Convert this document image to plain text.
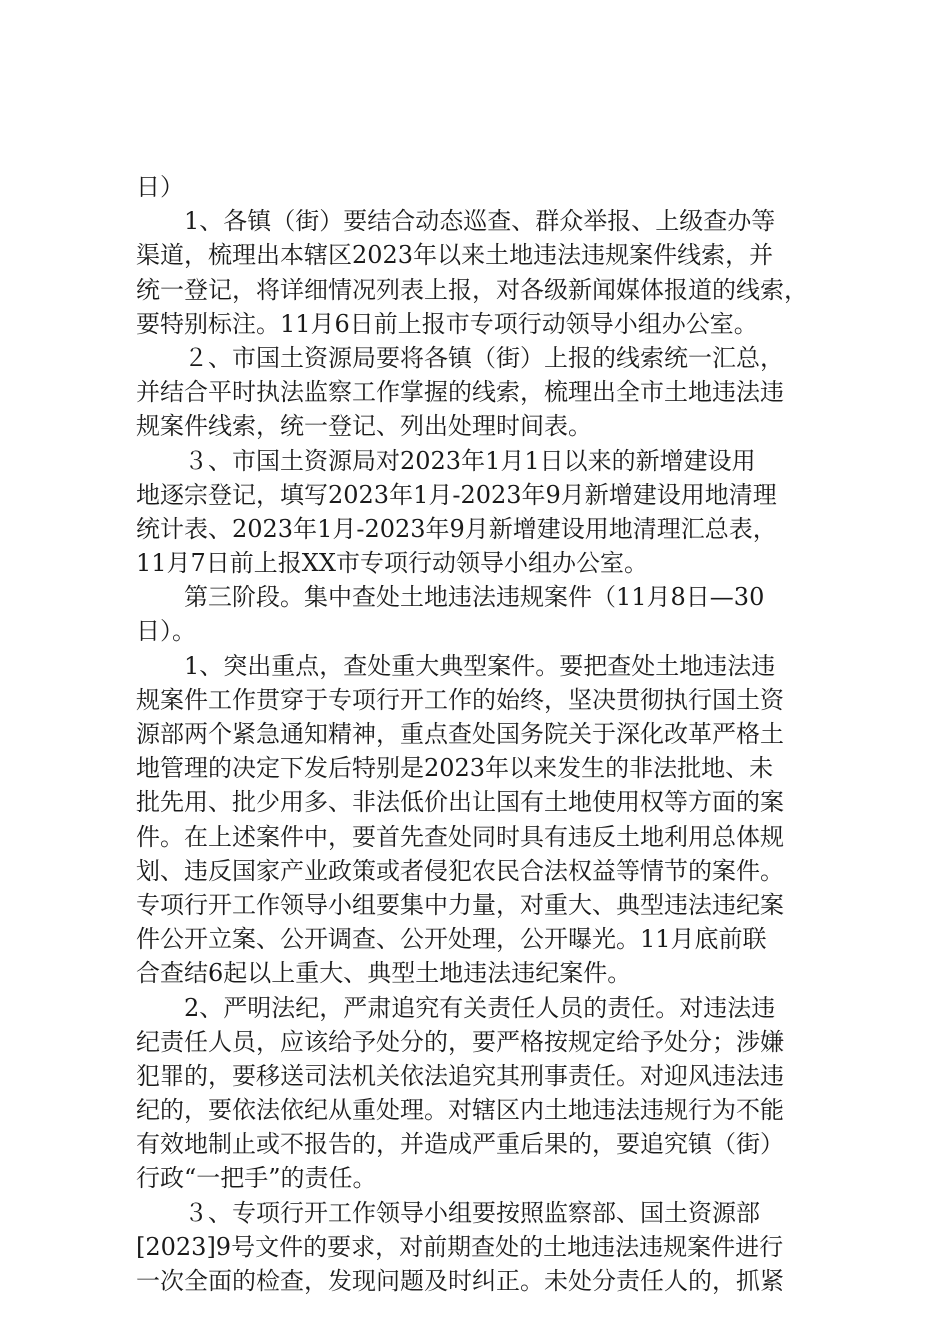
日）
　　1、各镇（街）要结合动态巡查、群众举报、上级查办等
渠道，梳理出本辖区2023年以来土地违法违规案件线索，并
统一登记，将详细情况列表上报，对各级新闻媒体报道的线索，
要特别标注。11月6日前上报市专项行动领导小组办公室。
　　２、市国土资源局要将各镇（街）上报的线索统一汇总，
并结合平时执法监察工作掌握的线索，梳理出全市土地违法违
规案件线索，统一登记、列出处理时间表。
　　３、市国土资源局对2023年1月1日以来的新增建设用
地逐宗登记，填写2023年1月-2023年9月新增建设用地清理
统计表、2023年1月-2023年9月新增建设用地清理汇总表，
11月7日前上报XX市专项行动领导小组办公室。
　　第三阶段。集中查处土地违法违规案件（11月8日—30
日）。
　　1、突出重点，查处重大典型案件。要把查处土地违法违
规案件工作贯穿于专项行开工作的始终，坚决贯彻执行国土资
源部两个紧急通知精神，重点查处国务院关于深化改革严格土
地管理的决定下发后特别是2023年以来发生的非法批地、未
批先用、批少用多、非法低价出让国有土地使用权等方面的案
件。在上述案件中，要首先查处同时具有违反土地利用总体规
划、违反国家产业政策或者侵犯农民合法权益等情节的案件。
专项行开工作领导小组要集中力量，对重大、典型违法违纪案
件公开立案、公开调查、公开处理，公开曝光。11月底前联
合查结6起以上重大、典型土地违法违纪案件。
　　2、严明法纪，严肃追究有关责任人员的责任。对违法违
纪责任人员，应该给予处分的，要严格按规定给予处分；涉嫌
犯罪的，要移送司法机关依法追究其刑事责任。对迎风违法违
纪的，要依法依纪从重处理。对辖区内土地违法违规行为不能
有效地制止或不报告的，并造成严重后果的，要追究镇（街）
行政“一把手”的责任。
　　３、专项行开工作领导小组要按照监察部、国土资源部
[2023]9号文件的要求，对前期查处的土地违法违规案件进行
一次全面的检查，发现问题及时纠正。未处分责任人的，抓紧
